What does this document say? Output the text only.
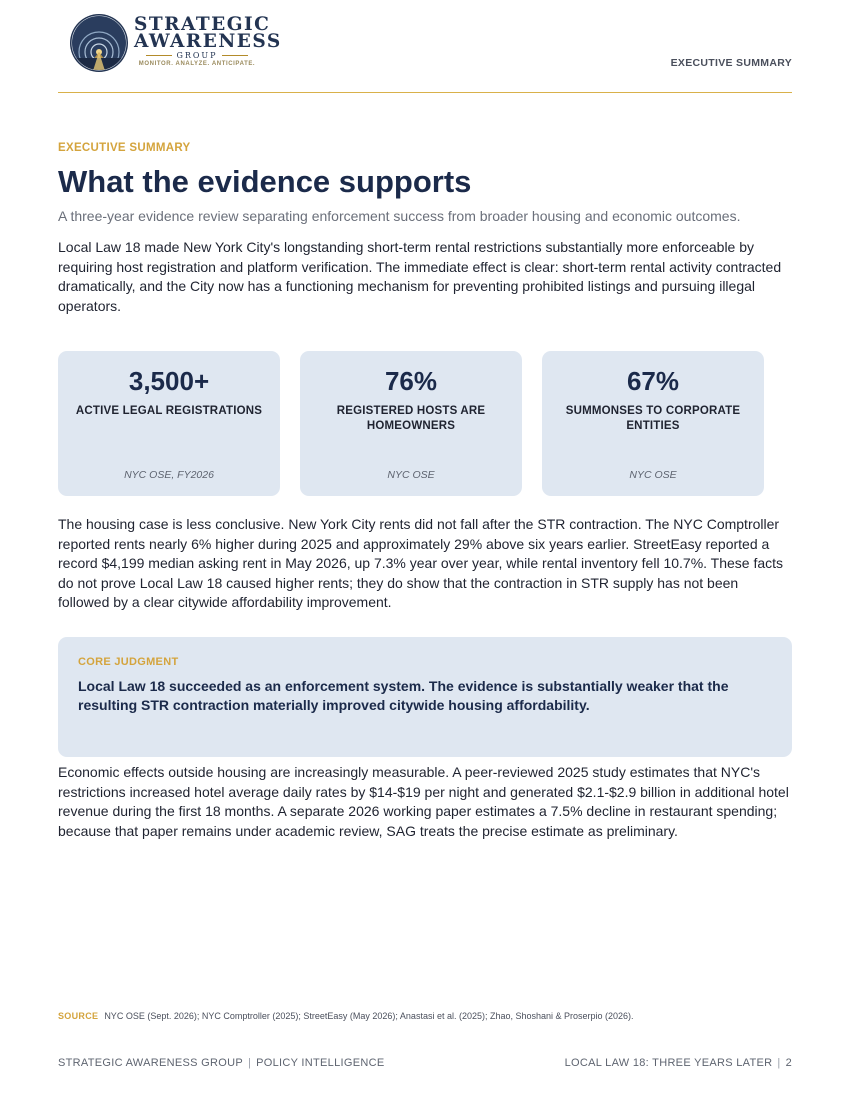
STRATEGIC
AWARENESS
GROUP
MONITOR. ANALYZE. ANTICIPATE.	EXECUTIVE SUMMARY
EXECUTIVE SUMMARY
What the evidence supports
A three-year evidence review separating enforcement success from broader housing and economic outcomes.

Local Law 18 made New York City's longstanding short-term rental restrictions substantially more enforceable by requiring host registration and platform verification. The immediate effect is clear: short-term rental activity contracted dramatically, and the City now has a functioning mechanism for preventing prohibited listings and pursuing illegal operators.

3,500+
ACTIVE LEGAL REGISTRATIONS
NYC OSE, FY2026
76%
REGISTERED HOSTS ARE HOMEOWNERS
NYC OSE
67%
SUMMONSES TO CORPORATE ENTITIES
NYC OSE

The housing case is less conclusive. New York City rents did not fall after the STR contraction. The NYC Comptroller reported rents nearly 6% higher during 2025 and approximately 29% above six years earlier. StreetEasy reported a record $4,199 median asking rent in May 2026, up 7.3% year over year, while rental inventory fell 10.7%. These facts do not prove Local Law 18 caused higher rents; they do show that the contraction in STR supply has not been followed by a clear citywide affordability improvement.

CORE JUDGMENT
Local Law 18 succeeded as an enforcement system. The evidence is substantially weaker that the resulting STR contraction materially improved citywide housing affordability.

Economic effects outside housing are increasingly measurable. A peer-reviewed 2025 study estimates that NYC's restrictions increased hotel average daily rates by $14-$19 per night and generated $2.1-$2.9 billion in additional hotel revenue during the first 18 months. A separate 2026 working paper estimates a 7.5% decline in restaurant spending; because that paper remains under academic review, SAG treats the precise estimate as preliminary.

SOURCE NYC OSE (Sept. 2026); NYC Comptroller (2025); StreetEasy (May 2026); Anastasi et al. (2025); Zhao, Shoshani & Proserpio (2026).
STRATEGIC AWARENESS GROUP | POLICY INTELLIGENCE	LOCAL LAW 18: THREE YEARS LATER | 2
